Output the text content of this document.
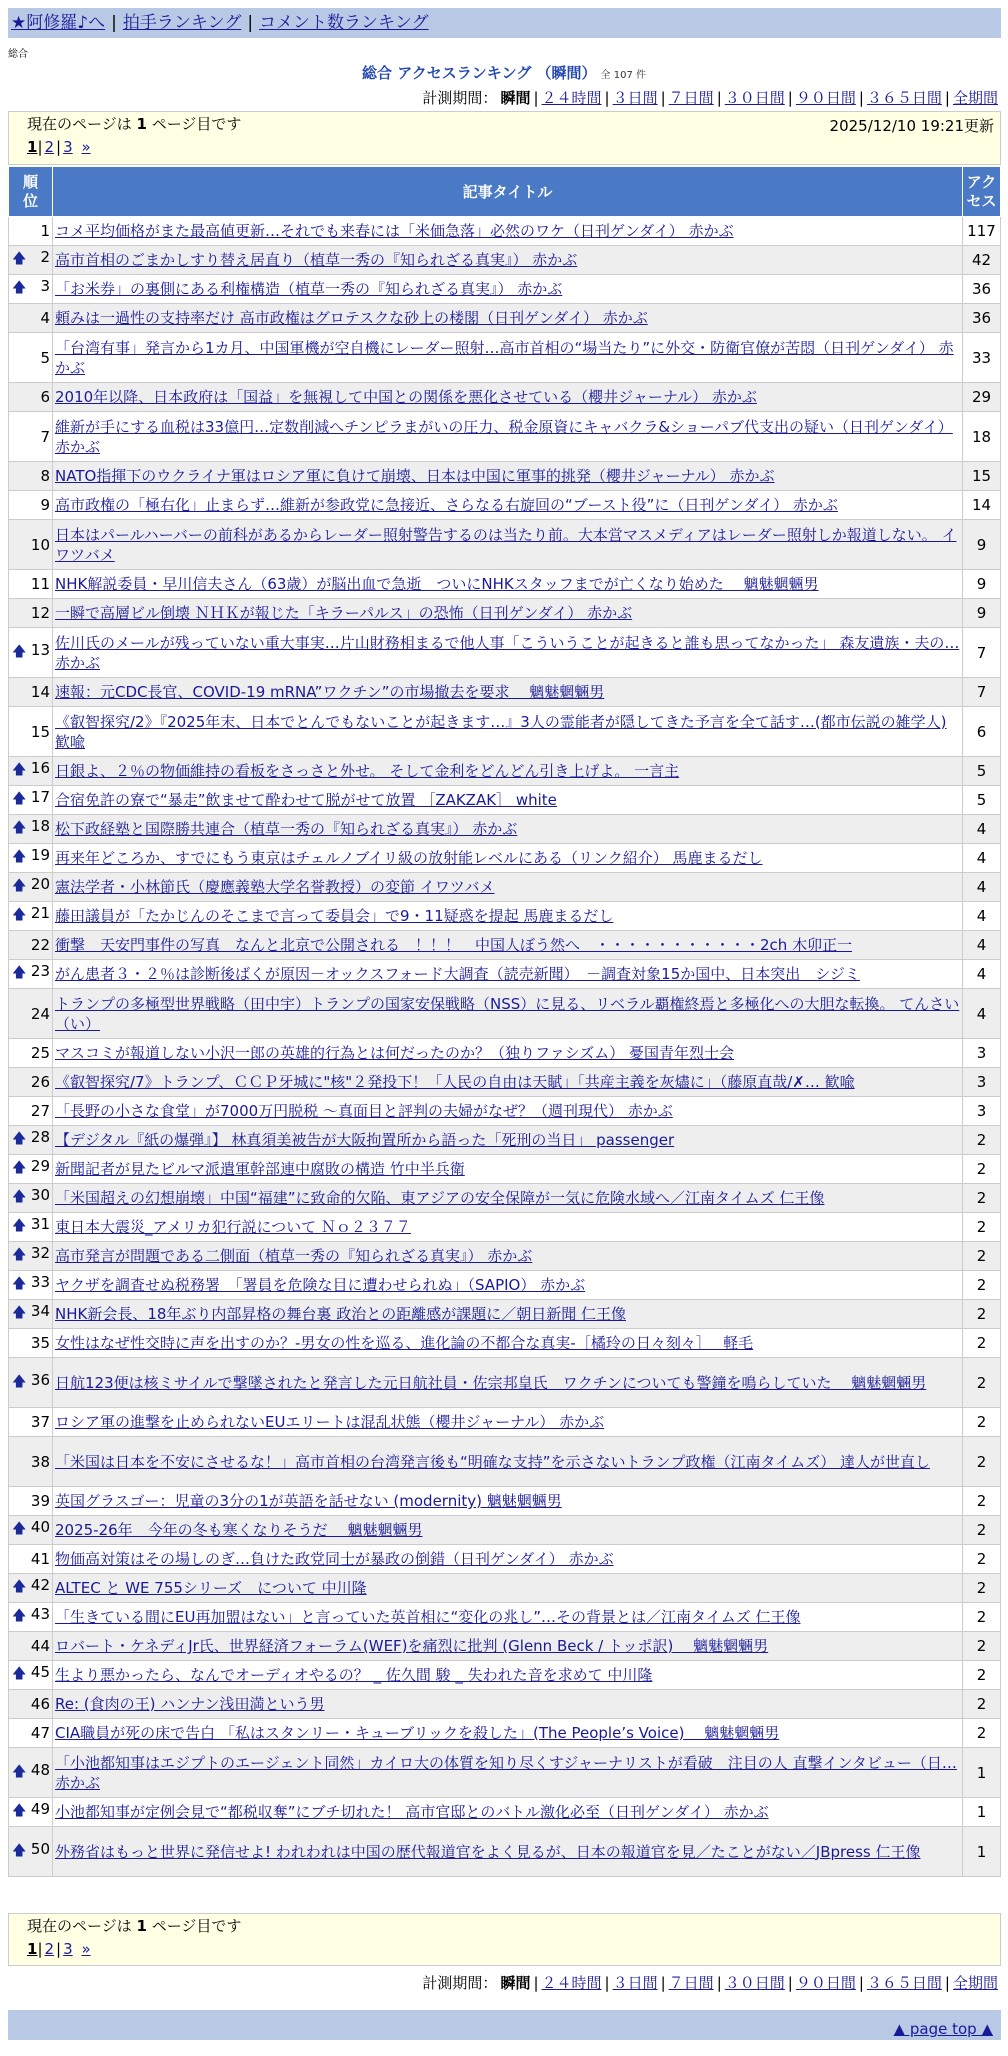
★阿修羅♪へ | 拍手ランキング | コメント数ランキング
総合
総合 アクセスランキング （瞬間） 全 107 件
計測期間： 瞬間 | ２４時間 | ３日間 | ７日間 | ３０日間 | ９０日間 | ３６５日間 | 全期間
現在のページは 1 ページ目です	2025/12/10 19:21更新
1| 2 | 3 »
順
位	記事タイトル	アク
セス
1	コメ平均価格がまた最高値更新…それでも来春には「米価急落」必然のワケ（日刊ゲンダイ） 赤かぶ	117

🡅 2	高市首相のごまかしすり替え居直り（植草一秀の『知られざる真実』） 赤かぶ	42

🡅 3	「お米券」の裏側にある利権構造（植草一秀の『知られざる真実』） 赤かぶ	36
4	頼みは一過性の支持率だけ 高市政権はグロテスクな砂上の楼閣（日刊ゲンダイ） 赤かぶ	36
5	「台湾有事」発言から1カ月、中国軍機が空自機にレーダー照射…高市首相の“場当たり”に外交・防衛官僚が苦悶（日刊ゲンダイ） 赤かぶ	33
6	2010年以降、日本政府は「国益」を無視して中国との関係を悪化させている（櫻井ジャーナル） 赤かぶ	29
7	維新が手にする血税は33億円…定数削減へチンピラまがいの圧力、税金原資にキャバクラ&ショーパブ代支出の疑い（日刊ゲンダイ） 赤かぶ	18
8	NATO指揮下のウクライナ軍はロシア軍に負けて崩壊、日本は中国に軍事的挑発（櫻井ジャーナル） 赤かぶ	15
9	高市政権の「極右化」止まらず…維新が参政党に急接近、さらなる右旋回の“ブースト役”に（日刊ゲンダイ） 赤かぶ	14
10	日本はパールハーバーの前科があるからレーダー照射警告するのは当たり前。大本営マスメディアはレーダー照射しか報道しない。 イワツバメ	9
11	NHK解説委員・早川信夫さん（63歳）が脳出血で急逝　ついにNHKスタッフまでが亡くなり始めた　 魑魅魍魎男	9
12	一瞬で高層ビル倒壊 ＮＨＫが報じた「キラーパルス」の恐怖（日刊ゲンダイ） 赤かぶ	9

🡅 13	佐川氏のメールが残っていない重大事実…片山財務相まるで他人事「こういうことが起きると誰も思ってなかった」 森友遺族・夫の… 赤かぶ	7
14	速報：元CDC長官、COVID-19 mRNA”ワクチン”の市場撤去を要求　 魑魅魍魎男	7
15	《叡智探究/2》『2025年末、日本でとんでもないことが起きます…』3人の霊能者が隠してきた予言を全て話す…(都市伝説の雑学人) 歓喩	6

🡅 16	日銀よ、２％の物価維持の看板をさっさと外せ。 そして金利をどんどん引き上げよ。 一言主	5

🡅 17	合宿免許の寮で“暴走”飲ませて酔わせて脱がせて放置 ［ZAKZAK］ white	5

🡅 18	松下政経塾と国際勝共連合（植草一秀の『知られざる真実』） 赤かぶ	4

🡅 19	再来年どころか、すでにもう東京はチェルノブイリ級の放射能レベルにある（リンク紹介） 馬鹿まるだし	4

🡅 20	憲法学者・小林節氏（慶應義塾大学名誉教授）の変節 イワツバメ	4

🡅 21	藤田議員が「たかじんのそこまで言って委員会」で9・11疑惑を提起 馬鹿まるだし	4
22	衝撃　天安門事件の写真　なんと北京で公開される　！！！　中国人ぼう然へ　・・・・・・・・・・・2ch 木卯正一	4

🡅 23	がん患者３・２％は診断後ばくが原因－オックスフォード大調査（読売新聞）　－調査対象15か国中、日本突出　シジミ	4
24	トランプの多極型世界戦略（田中宇）トランプの国家安保戦略（NSS）に見る、リベラル覇権終焉と多極化への大胆な転換。 てんさい（い）	4
25	マスコミが報道しない小沢一郎の英雄的行為とは何だったのか？（独りファシズム） 憂国青年烈士会	3
26	《叡智探究/7》トランプ、ＣＣＰ牙城に"核"２発投下！「人民の自由は天賦」「共産主義を灰燼に」（藤原直哉/✗… 歓喩	3
27	「長野の小さな食堂」が7000万円脱税 〜真面目と評判の夫婦がなぜ？（週刊現代） 赤かぶ	3

🡅 28	【デジタル『紙の爆弾』】 林真須美被告が大阪拘置所から語った「死刑の当日」 passenger	2

🡅 29	新聞記者が見たビルマ派遣軍幹部連中腐敗の構造 竹中半兵衛	2

🡅 30	「米国超えの幻想崩壊」中国“福建”に致命的欠陥、東アジアの安全保障が一気に危険水域へ／江南タイムズ 仁王像	2

🡅 31	東日本大震災_アメリカ犯行説について Ｎｏ２３７７	2

🡅 32	高市発言が問題である二側面（植草一秀の『知られざる真実』） 赤かぶ	2

🡅 33	ヤクザを調査せぬ税務署　「署員を危険な目に遭わせられぬ」（SAPIO） 赤かぶ	2

🡅 34	NHK新会長、18年ぶり内部昇格の舞台裏 政治との距離感が課題に／朝日新聞 仁王像	2
35	女性はなぜ性交時に声を出すのか？-男女の性を巡る、進化論の不都合な真実-［橘玲の日々刻々］　 軽毛	2

🡅 36	日航123便は核ミサイルで撃墜されたと発言した元日航社員・佐宗邦皇氏　ワクチンについても警鐘を鳴らしていた　 魑魅魍魎男	2
37	ロシア軍の進撃を止められないEUエリートは混乱状態（櫻井ジャーナル） 赤かぶ	2
38	「米国は日本を不安にさせるな！」高市首相の台湾発言後も“明確な支持”を示さないトランプ政権（江南タイムズ） 達人が世直し	2
39	英国グラスゴー：児童の3分の1が英語を話せない (modernity) 魑魅魍魎男	2

🡅 40	2025-26年　今年の冬も寒くなりそうだ　 魑魅魍魎男	2
41	物価高対策はその場しのぎ…負けた政党同士が暴政の倒錯（日刊ゲンダイ） 赤かぶ	2

🡅 42	ALTEC と WE 755シリーズ　について 中川隆	2

🡅 43	「生きている間にEU再加盟はない」と言っていた英首相に“変化の兆し”…その背景とは／江南タイムズ 仁王像	2
44	ロバート・ケネディJr氏、世界経済フォーラム(WEF)を痛烈に批判 (Glenn Beck / トッポ訳)　 魑魅魍魎男	2

🡅 45	生より悪かったら、なんでオーディオやるの？ _ 佐久間 駿 _ 失われた音を求めて 中川隆	2
46	Re: (食肉の王) ハンナン浅田満という男	2
47	CIA職員が死の床で告白 「私はスタンリー・キューブリックを殺した」(The People’s Voice)　 魑魅魍魎男	2

🡅 48	「小池都知事はエジプトのエージェント同然」カイロ大の体質を知り尽くすジャーナリストが看破　注目の人 直撃インタビュー（日… 赤かぶ	1

🡅 49	小池都知事が定例会見で“都税収奪”にブチ切れた！ 高市官邸とのバトル激化必至（日刊ゲンダイ） 赤かぶ	1

🡅 50	外務省はもっと世界に発信せよ! われわれは中国の歴代報道官をよく見るが、日本の報道官を見／たことがない／JBpress 仁王像	1
現在のページは 1 ページ目です
1| 2 | 3 »
計測期間： 瞬間 | ２４時間 | ３日間 | ７日間 | ３０日間 | ９０日間 | ３６５日間 | 全期間
▲ page top ▲
